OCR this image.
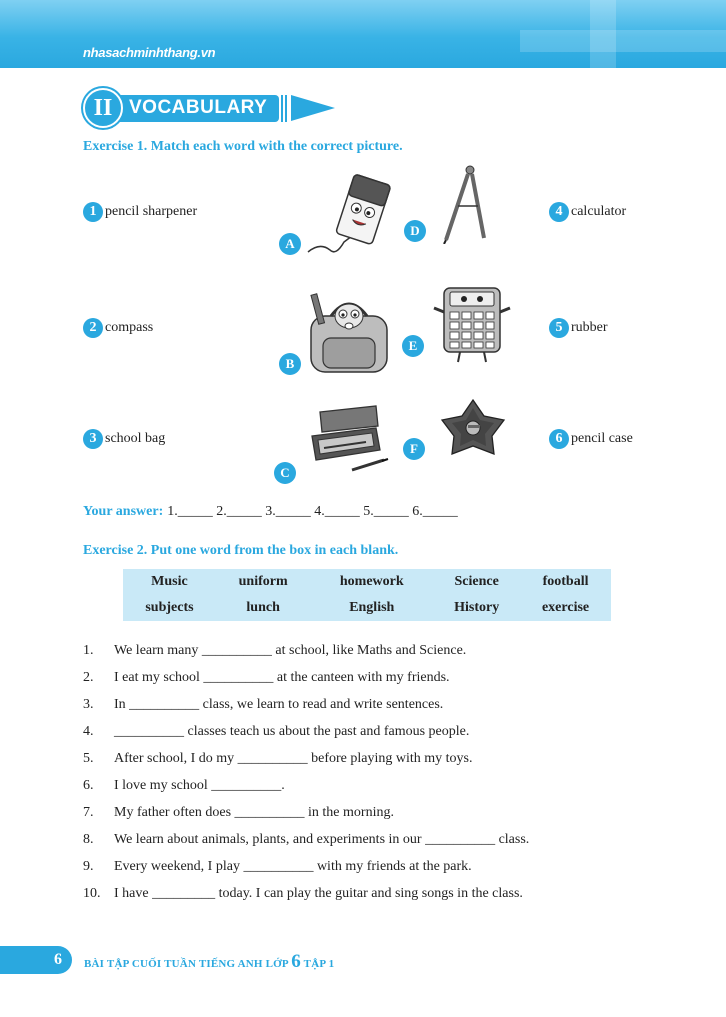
nhasachminhthang.vn
II VOCABULARY
Exercise 1. Match each word with the correct picture.
1 pencil sharpener
2 compass
3 school bag
4 calculator
5 rubber
6 pencil case
A
B
C
D
E
F
Your answer: 1._____ 2._____ 3._____ 4._____ 5._____ 6._____
Exercise 2. Put one word from the box in each blank.
Music	uniform	homework	Science	football
subjects	lunch	English	History	exercise
1.	We learn many __________ at school, like Maths and Science.
2.	I eat my school __________ at the canteen with my friends.
3.	In __________ class, we learn to read and write sentences.
4.	__________ classes teach us about the past and famous people.
5.	After school, I do my __________ before playing with my toys.
6.	I love my school __________.
7.	My father often does __________ in the morning.
8.	We learn about animals, plants, and experiments in our __________ class.
9.	Every weekend, I play __________ with my friends at the park.
10. I have _________ today. I can play the guitar and sing songs in the class.
6 BÀI TẬP CUỐI TUẦN TIẾNG ANH LỚP 6 TẬP 1
